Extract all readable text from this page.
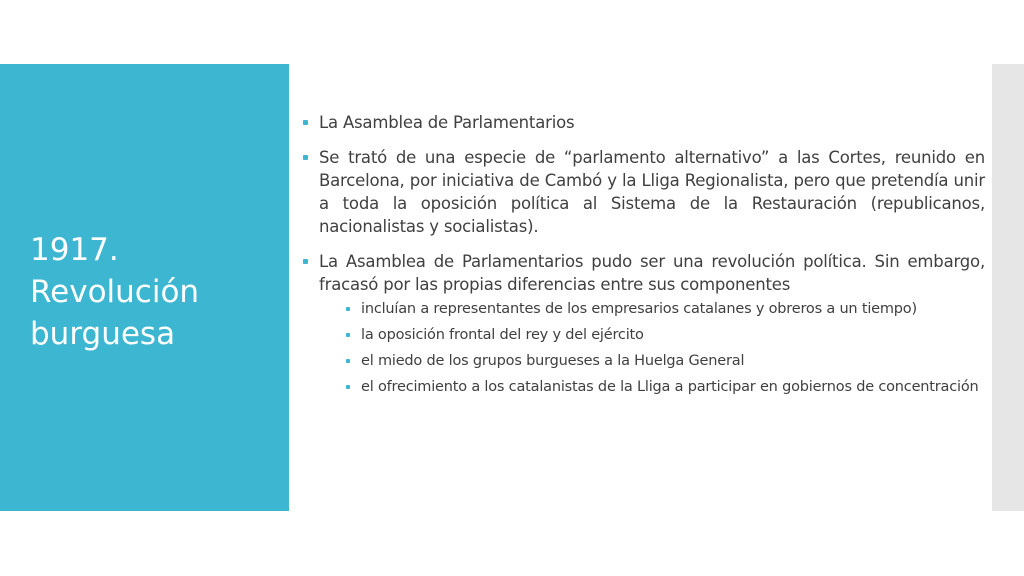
1917.
Revolución
burguesa
La Asamblea de Parlamentarios
Se trató de una especie de “parlamento alternativo” a las Cortes, reunido en Barcelona, por iniciativa de Cambó y la Lliga Regionalista, pero que pretendía unir a toda la oposición política al Sistema de la Restauración (republicanos, nacionalistas y socialistas).
La Asamblea de Parlamentarios pudo ser una revolución política. Sin embargo, fracasó por las propias diferencias entre sus componentes
incluían a representantes de los empresarios catalanes y obreros a un tiempo)
la oposición frontal del rey y del ejército
el miedo de los grupos burgueses a la Huelga General
el ofrecimiento a los catalanistas de la Lliga a participar en gobiernos de concentración
